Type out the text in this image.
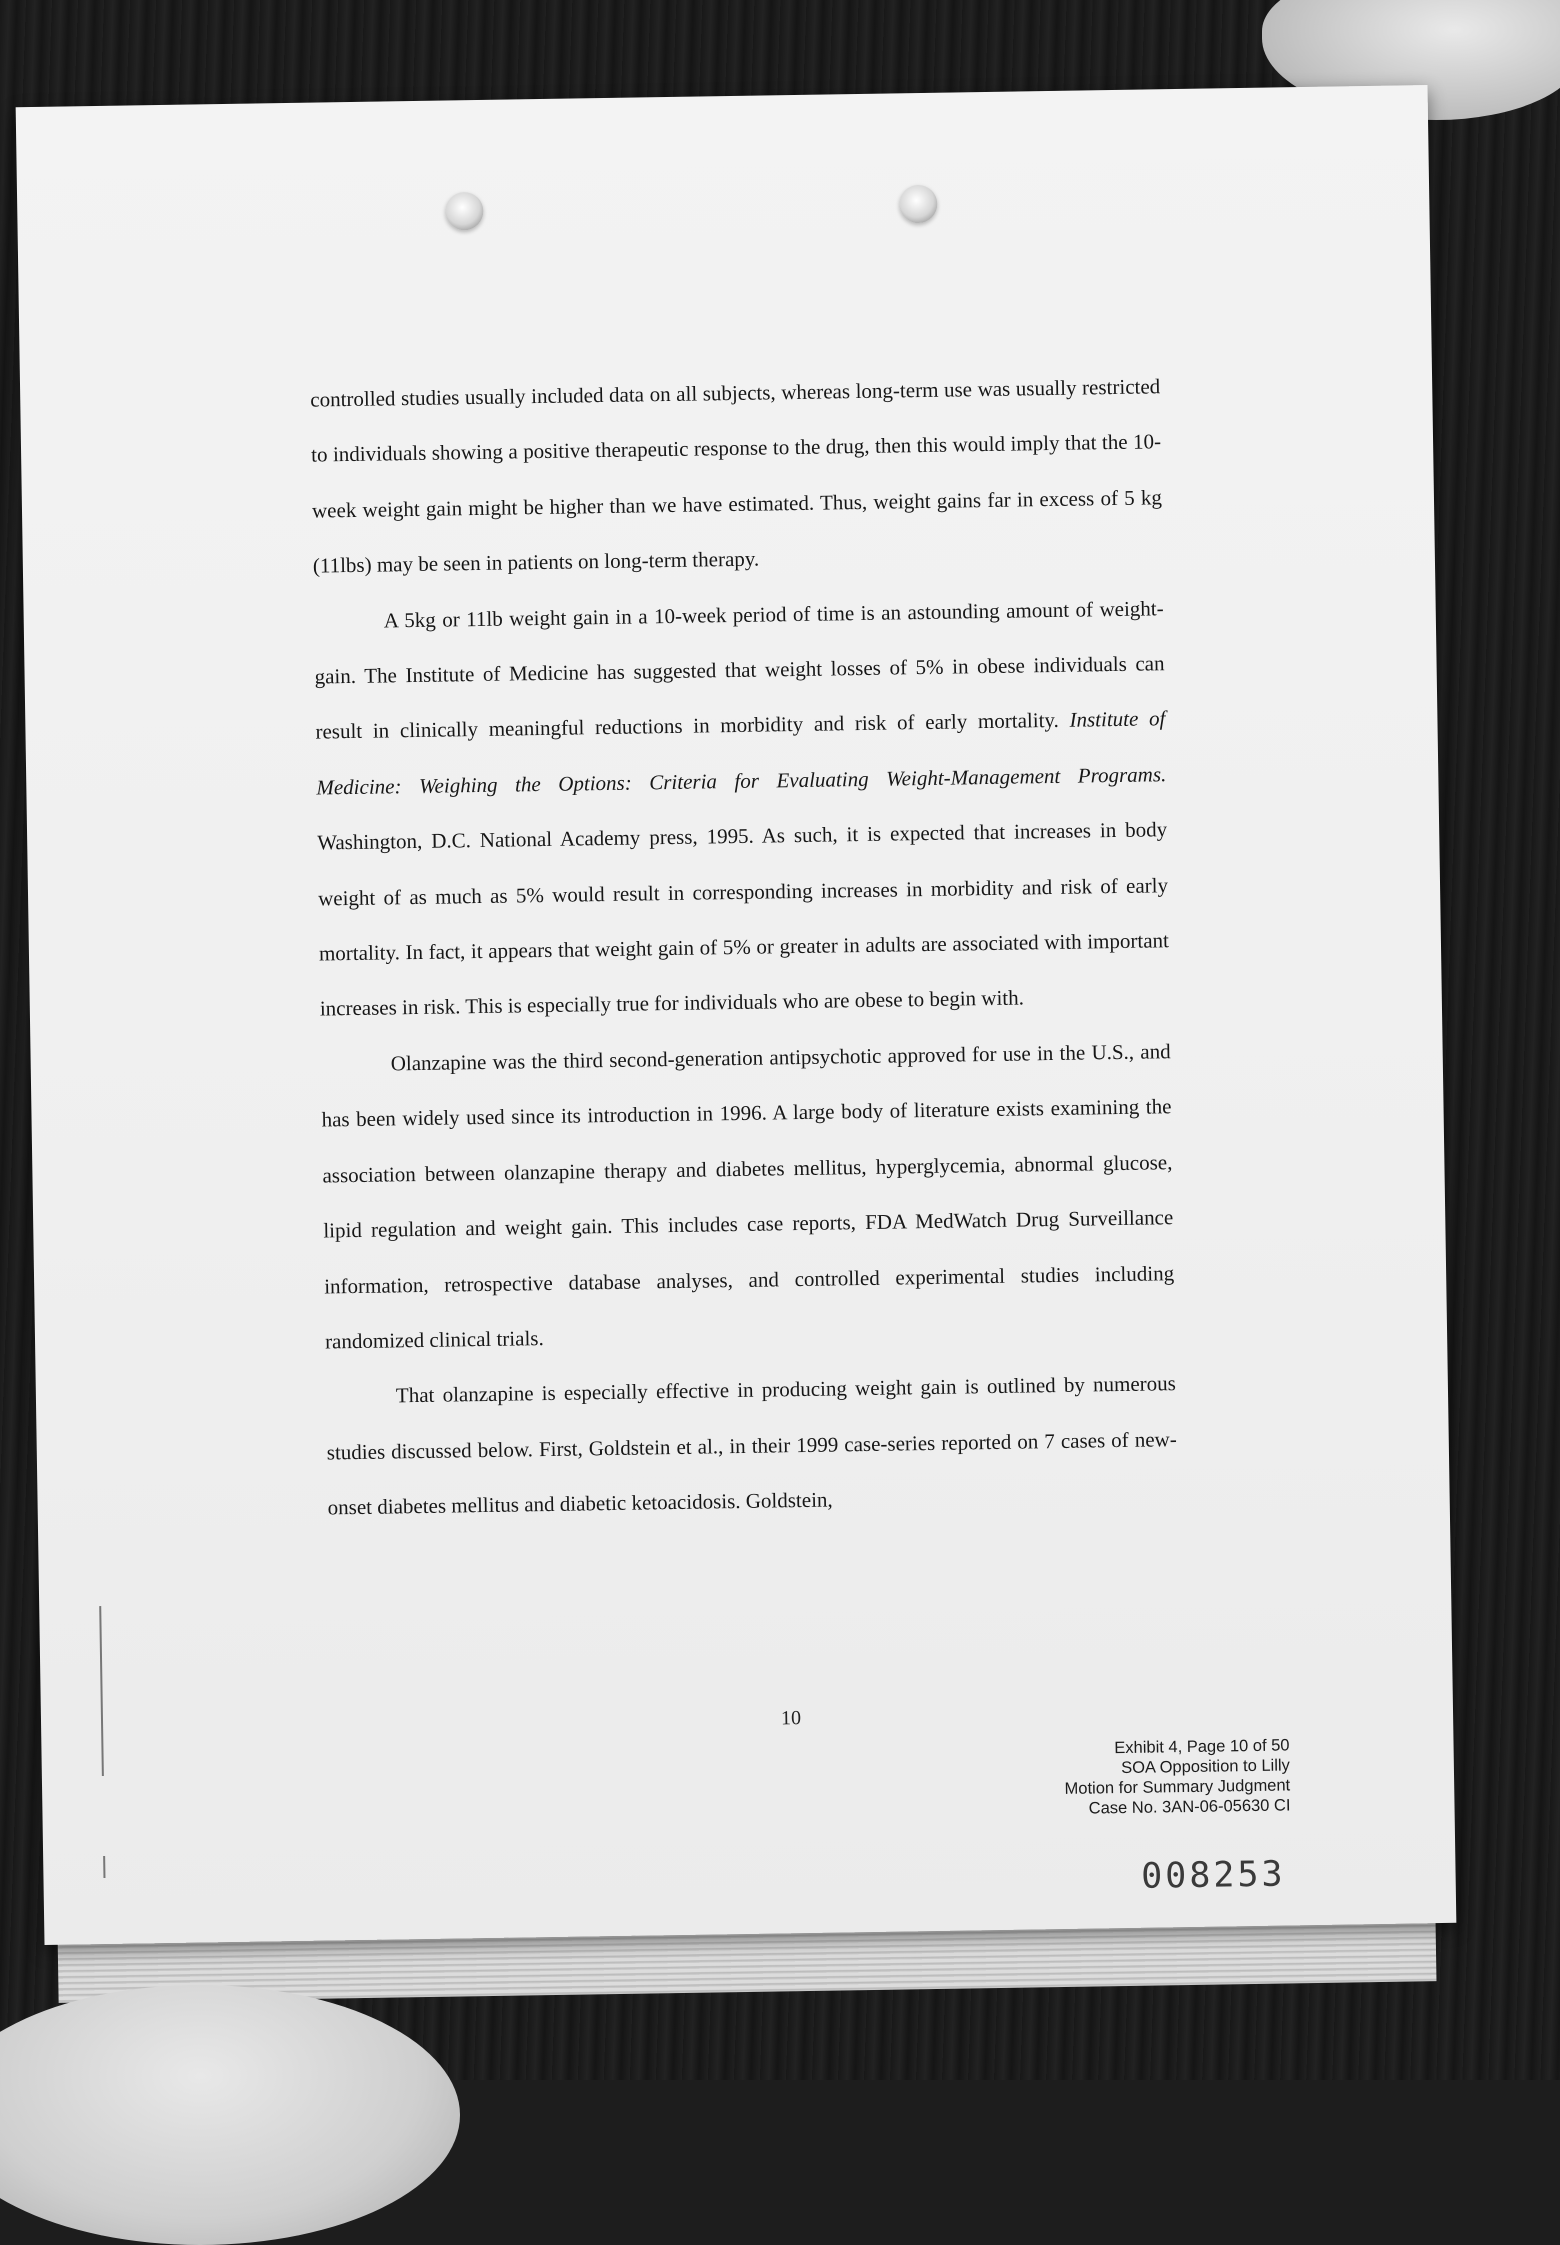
controlled studies usually included data on all subjects, whereas long-term use was usually restricted to individuals showing a positive therapeutic response to the drug, then this would imply that the 10-week weight gain might be higher than we have estimated. Thus, weight gains far in excess of 5 kg (11lbs) may be seen in patients on long-term therapy.

A 5kg or 11lb weight gain in a 10-week period of time is an astounding amount of weight-gain. The Institute of Medicine has suggested that weight losses of 5% in obese individuals can result in clinically meaningful reductions in morbidity and risk of early mortality. Institute of Medicine: Weighing the Options: Criteria for Evaluating Weight-Management Programs. Washington, D.C. National Academy press, 1995. As such, it is expected that increases in body weight of as much as 5% would result in corresponding increases in morbidity and risk of early mortality. In fact, it appears that weight gain of 5% or greater in adults are associated with important increases in risk. This is especially true for individuals who are obese to begin with.

Olanzapine was the third second-generation antipsychotic approved for use in the U.S., and has been widely used since its introduction in 1996. A large body of literature exists examining the association between olanzapine therapy and diabetes mellitus, hyperglycemia, abnormal glucose, lipid regulation and weight gain. This includes case reports, FDA MedWatch Drug Surveillance information, retrospective database analyses, and controlled experimental studies including randomized clinical trials.

That olanzapine is especially effective in producing weight gain is outlined by numerous studies discussed below. First, Goldstein et al., in their 1999 case-series reported on 7 cases of new-onset diabetes mellitus and diabetic ketoacidosis. Goldstein,

10
Exhibit 4, Page 10 of 50
SOA Opposition to Lilly
Motion for Summary Judgment
Case No. 3AN-06-05630 CI
008253
